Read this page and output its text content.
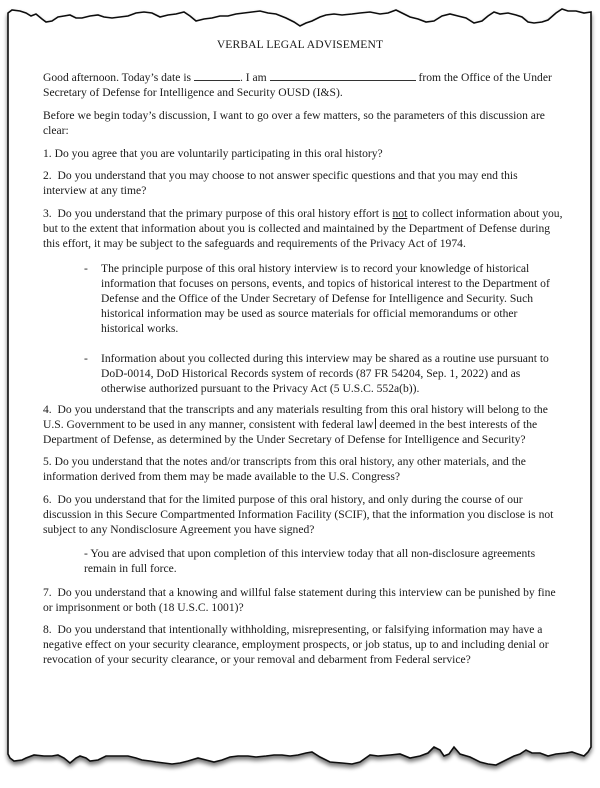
VERBAL LEGAL ADVISEMENT

Good afternoon. Today’s date is	. I am	from the Office of the Under Secretary of Defense for Intelligence and Security OUSD (I&S).

Before we begin today’s discussion, I want to go over a few matters, so the parameters of this discussion are clear:

1. Do you agree that you are voluntarily participating in this oral history?

2. Do you understand that you may choose to not answer specific questions and that you may end this interview at any time?

3. Do you understand that the primary purpose of this oral history effort is not to collect information about you, but to the extent that information about you is collected and maintained by the Department of Defense during this effort, it may be subject to the safeguards and requirements of the Privacy Act of 1974.

- The principle purpose of this oral history interview is to record your knowledge of historical information that focuses on persons, events, and topics of historical interest to the Department of Defense and the Office of the Under Secretary of Defense for Intelligence and Security. Such historical information may be used as source materials for official memorandums or other historical works.
- Information about you collected during this interview may be shared as a routine use pursuant to DoD-0014, DoD Historical Records system of records (87 FR 54204, Sep. 1, 2022) and as otherwise authorized pursuant to the Privacy Act (5 U.S.C. 552a(b)).

4. Do you understand that the transcripts and any materials resulting from this oral history will belong to the U.S. Government to be used in any manner, consistent with federal law deemed in the best interests of the Department of Defense, as determined by the Under Secretary of Defense for Intelligence and Security?

5. Do you understand that the notes and/or transcripts from this oral history, any other materials, and the information derived from them may be made available to the U.S. Congress?

6. Do you understand that for the limited purpose of this oral history, and only during the course of our discussion in this Secure Compartmented Information Facility (SCIF), that the information you disclose is not subject to any Nondisclosure Agreement you have signed?

- You are advised that upon completion of this interview today that all non-disclosure agreements remain in full force.

7. Do you understand that a knowing and willful false statement during this interview can be punished by fine or imprisonment or both (18 U.S.C. 1001)?

8. Do you understand that intentionally withholding, misrepresenting, or falsifying information may have a negative effect on your security clearance, employment prospects, or job status, up to and including denial or revocation of your security clearance, or your removal and debarment from Federal service?
